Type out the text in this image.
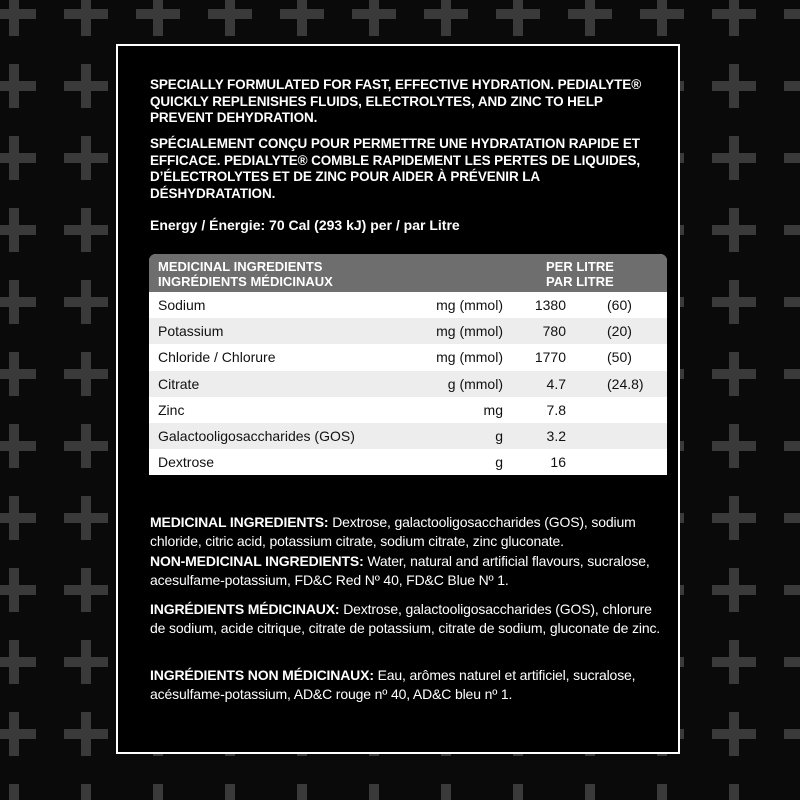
SPECIALLY FORMULATED FOR FAST, EFFECTIVE HYDRATION. PEDIALYTE® QUICKLY REPLENISHES FLUIDS, ELECTROLYTES, AND ZINC TO HELP PREVENT DEHYDRATION.

SPÉCIALEMENT CONÇU POUR PERMETTRE UNE HYDRATATION RAPIDE ET EFFICACE. PEDIALYTE® COMBLE RAPIDEMENT LES PERTES DE LIQUIDES, D’ÉLECTROLYTES ET DE ZINC POUR AIDER À PRÉVENIR LA DÉSHYDRATATION.

Energy / Énergie: 70 Cal (293 kJ) per / par Litre

MEDICINAL INGREDIENTS
INGRÉDIENTS MÉDICINAUX
PER LITRE
PAR LITRE
Sodium	mg (mmol) 1380	(60)
Potassium	mg (mmol)	780	(20)
Chloride / Chlorure	mg (mmol) 1770	(50)
Citrate	g (mmol)	4.7	(24.8)
Zinc	mg	7.8
Galactooligosaccharides (GOS)	g	3.2
Dextrose	g	16

MEDICINAL INGREDIENTS: Dextrose, galactooligosaccharides (GOS), sodium chloride, citric acid, potassium citrate, sodium citrate, zinc gluconate.

NON-MEDICINAL INGREDIENTS: Water, natural and artificial flavours, sucralose, acesulfame-potassium, FD&C Red Nº 40, FD&C Blue Nº 1.

INGRÉDIENTS MÉDICINAUX: Dextrose, galactooligosaccharides (GOS), chlorure de sodium, acide citrique, citrate de potassium, citrate de sodium, gluconate de zinc.

INGRÉDIENTS NON MÉDICINAUX: Eau, arômes naturel et artificiel, sucralose, acésulfame-potassium, AD&C rouge nº 40, AD&C bleu nº 1.
